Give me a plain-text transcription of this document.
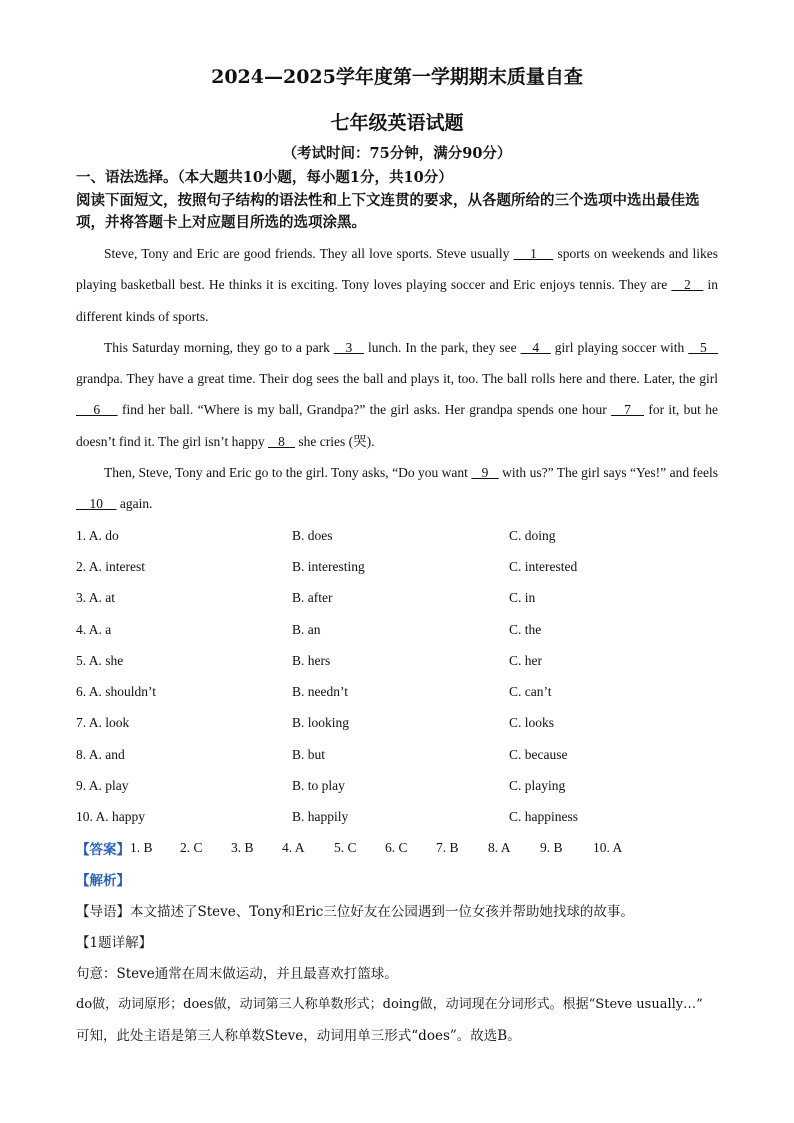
2024—2025学年度第一学期期末质量自查
七年级英语试题
（考试时间：75分钟，满分90分）
一、语法选择。（本大题共10小题，每小题1分，共10分）
阅读下面短文，按照句子结构的语法性和上下文连贯的要求，从各题所给的三个选项中选出最佳选项，并将答题卡上对应题目所选的选项涂黑。

Steve, Tony and Eric are good friends. They all love sports. Steve usually     1     sports on weekends and likes playing basketball best. He thinks it is exciting. Tony loves playing soccer and Eric enjoys tennis. They are    2    in different kinds of sports.

This Saturday morning, they go to a park    3    lunch. In the park, they see    4    girl playing soccer with    5    grandpa. They have a great time. Their dog sees the ball and plays it, too. The ball rolls here and there. Later, the girl     6     find her ball. “Where is my ball, Grandpa?” the girl asks. Her grandpa spends one hour    7    for it, but he doesn’t find it. The girl isn’t happy    8    she cries (哭).

Then, Steve, Tony and Eric go to the girl. Tony asks, “Do you want    9    with us?” The girl says “Yes!” and feels     10     again.

1. A. do	B. does	C. doing
2. A. interest	B. interesting	C. interested
3. A. at	B. after	C. in
4. A. a	B. an	C. the
5. A. she	B. hers	C. her
6. A. shouldn’t	B. needn’t	C. can’t
7. A. look	B. looking	C. looks
8. A. and	B. but	C. because
9. A. play	B. to play	C. playing
10. A. happy	B. happily	C. happiness
【答案】 1. B	2. C	3. B	4. A	5. C	6. C	7. B	8. A	9. B	10. A
【解析】
【导语】 本文描述了Steve、Tony和Eric三位好友在公园遇到一位女孩并帮助她找球的故事。
【1题详解】
句意：Steve通常在周末做运动，并且最喜欢打篮球。
do做，动词原形；does做，动词第三人称单数形式；doing做，动词现在分词形式。根据“Steve usually…”
可知，此处主语是第三人称单数Steve，动词用单三形式“does”。故选B。
